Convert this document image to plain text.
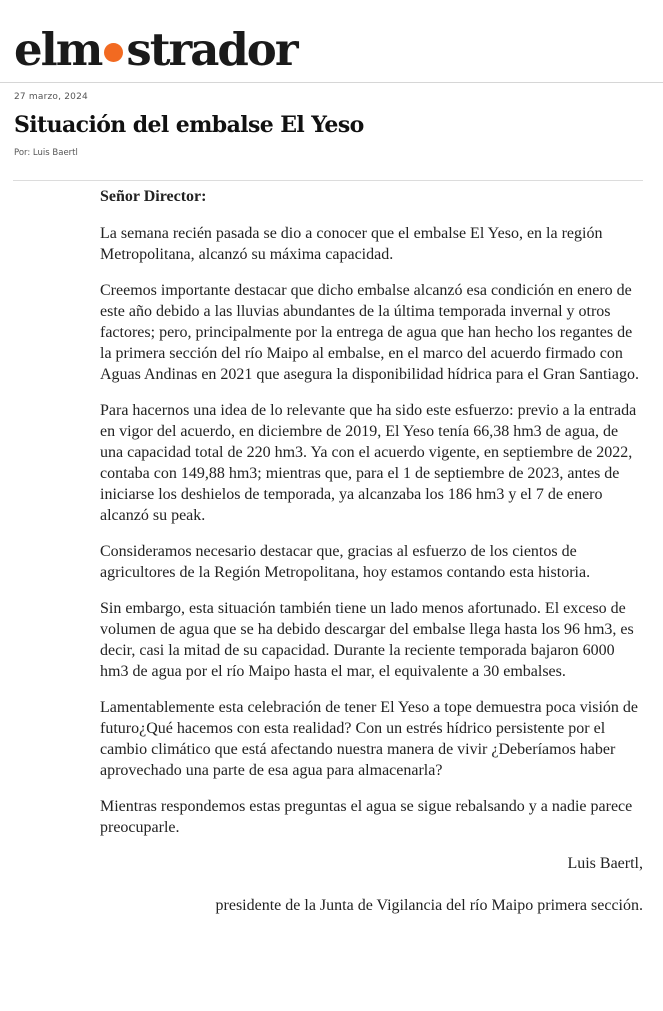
elm strador
27 marzo, 2024
Situación del embalse El Yeso
Por: Luis Baertl

Señor Director:

La semana recién pasada se dio a conocer que el embalse El Yeso, en la región Metropolitana, alcanzó su máxima capacidad.

Creemos importante destacar que dicho embalse alcanzó esa condición en enero de este año debido a las lluvias abundantes de la última temporada invernal y otros factores; pero, principalmente por la entrega de agua que han hecho los regantes de la primera sección del río Maipo al embalse, en el marco del acuerdo firmado con Aguas Andinas en 2021 que asegura la disponibilidad hídrica para el Gran Santiago.

Para hacernos una idea de lo relevante que ha sido este esfuerzo: previo a la entrada en vigor del acuerdo, en diciembre de 2019, El Yeso tenía 66,38 hm3 de agua, de una capacidad total de 220 hm3. Ya con el acuerdo vigente, en septiembre de 2022, contaba con 149,88 hm3; mientras que, para el 1 de septiembre de 2023, antes de iniciarse los deshielos de temporada, ya alcanzaba los 186 hm3 y el 7 de enero alcanzó su peak.

Consideramos necesario destacar que, gracias al esfuerzo de los cientos de agricultores de la Región Metropolitana, hoy estamos contando esta historia.

Sin embargo, esta situación también tiene un lado menos afortunado. El exceso de volumen de agua que se ha debido descargar del embalse llega hasta los 96 hm3, es decir, casi la mitad de su capacidad. Durante la reciente temporada bajaron 6000 hm3 de agua por el río Maipo hasta el mar, el equivalente a 30 embalses.

Lamentablemente esta celebración de tener El Yeso a tope demuestra poca visión de futuro¿Qué hacemos con esta realidad? Con un estrés hídrico persistente por el cambio climático que está afectando nuestra manera de vivir ¿Deberíamos haber aprovechado una parte de esa agua para almacenarla?

Mientras respondemos estas preguntas el agua se sigue rebalsando y a nadie parece preocuparle.

Luis Baertl,

presidente de la Junta de Vigilancia del río Maipo primera sección.
